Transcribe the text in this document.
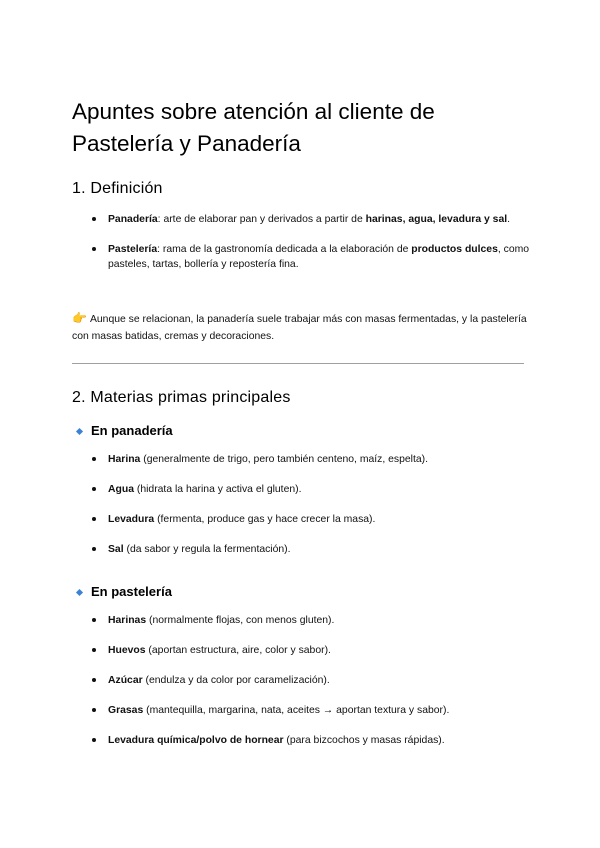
Apuntes sobre atención al cliente de Pastelería y Panadería
1. Definición
Panadería: arte de elaborar pan y derivados a partir de harinas, agua, levadura y sal.
Pastelería: rama de la gastronomía dedicada a la elaboración de productos dulces, como pasteles, tartas, bollería y repostería fina.

👉 Aunque se relacionan, la panadería suele trabajar más con masas fermentadas, y la pastelería con masas batidas, cremas y decoraciones.

2. Materias primas principales
En panadería
Harina (generalmente de trigo, pero también centeno, maíz, espelta).
Agua (hidrata la harina y activa el gluten).
Levadura (fermenta, produce gas y hace crecer la masa).
Sal (da sabor y regula la fermentación).
En pastelería
Harinas (normalmente flojas, con menos gluten).
Huevos (aportan estructura, aire, color y sabor).
Azúcar (endulza y da color por caramelización).
Grasas (mantequilla, margarina, nata, aceites → aportan textura y sabor).
Levadura química/polvo de hornear (para bizcochos y masas rápidas).
